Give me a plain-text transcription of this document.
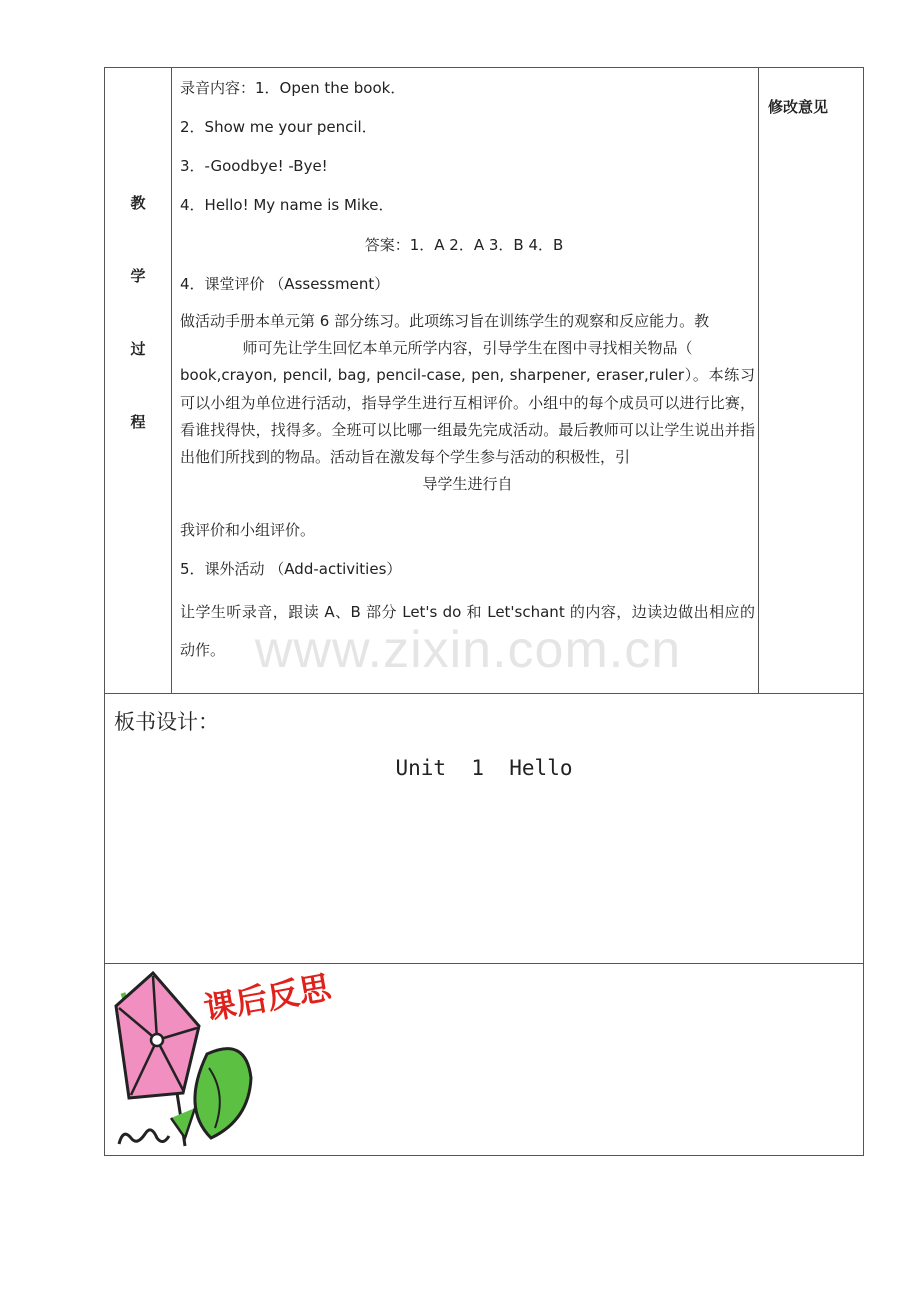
教
学
过
程
修改意见
录音内容：1．Open the book．
2．Show me your pencil．
3．-Goodbye! -Bye!
4．Hello! My name is Mike．
答案：1．A 2．A 3．B 4．B
4．课堂评价 （Assessment）
做活动手册本单元第 6 部分练习。此项练习旨在训练学生的观察和反应能力。教
师可先让学生回忆本单元所学内容，引导学生在图中寻找相关物品（
book,crayon, pencil, bag, pencil-case, pen, sharpener, eraser,ruler）。本练习可以小组为单位进行活动，指导学生进行互相评价。小组中的每个成员可以进行比赛，看谁找得快，找得多。全班可以比哪一组最先完成活动。最后教师可以让学生说出并指出他们所找到的物品。活动旨在激发每个学生参与活动的积极性，引
导学生进行自
我评价和小组评价。
5．课外活动 （Add-activities）
让学生听录音，跟读 A、B 部分 Let's do 和 Let'schant 的内容，边读边做出相应的动作。 www.zixin.com.cn
板书设计：
Unit  1  Hello
课后反思
